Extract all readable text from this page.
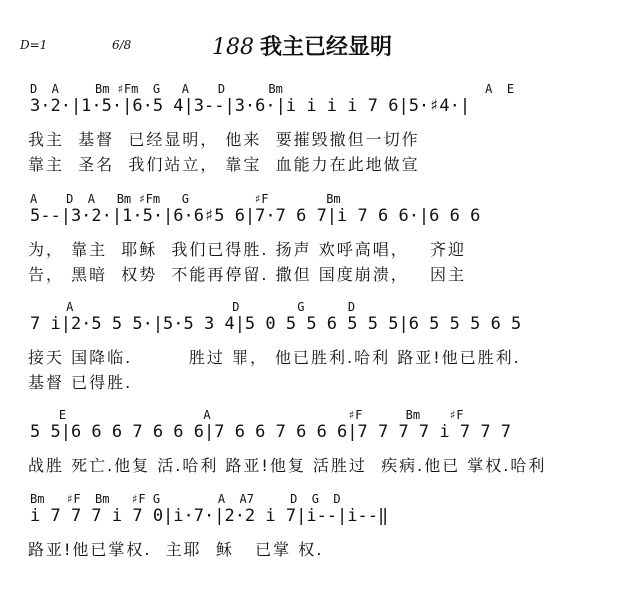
D=1	6/8	188 我主已经显明
D  A     Bm ♯Fm  G   A    D      Bm                            A  E
3·2·|1·5·|6·5 4|3--|3·6·|i i i i 7 6|5·♯4·|
我主  基督  已经显明， 他来  要摧毁撤但一切作
靠主  圣名  我们站立， 靠宝  血能力在此地做宣
A    D  A   Bm ♯Fm   G         ♯F        Bm
5--|3·2·|1·5·|6·6♯5 6|7·7 6 7|i 7 6 6·|6 6 6
为， 靠主  耶稣  我们已得胜. 扬声 欢呼高唱，   齐迎
告， 黑暗  权势  不能再停留. 撒但 国度崩溃，   因主
A                      D        G      D
7 i|2·5 5 5·|5·5 3 4|5 0 5 5 6 5 5 5|6 5 5 5 6 5
接天 国降临.        胜过 罪， 他已胜利.哈利 路亚!他已胜利.
基督 已得胜.
E                   A                   ♯F      Bm    ♯F
5 5|6 6 6 7 6 6 6|7 6 6 7 6 6 6|7 7 7 7 i 7 7 7
战胜 死亡.他复 活.哈利 路亚!他复 活胜过  疾病.他已 掌权.哈利
Bm   ♯F  Bm   ♯F G        A  A7     D  G  D
i 7 7 7 i 7 0|i·7·|2·2 i 7|i--|i--‖
路亚!他已掌权.  主耶  稣   已掌 权.
